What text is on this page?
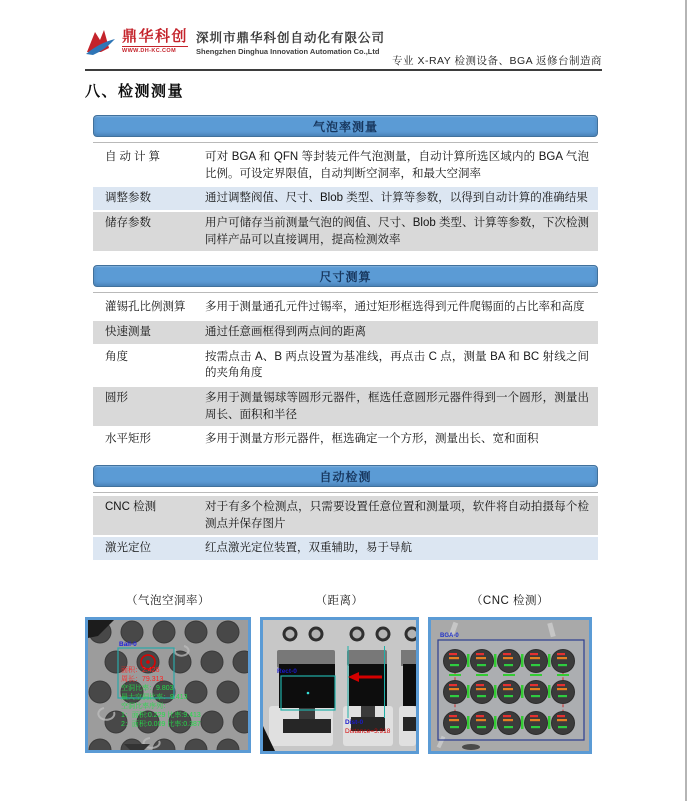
鼎华科创
WWW.DH-KC.COM
深圳市鼎华科创自动化有限公司
Shengzhen Dinghua Innovation Automation Co.,Ltd
专业 X-RAY 检测设备、BGA 返修台制造商
八、检测测量
气泡率测量
自动计算	可对 BGA 和 QFN 等封装元件气泡测量，自动计算所选区域内的 BGA 气泡比例。可设定界限值，自动判断空洞率，和最大空洞率
调整参数	通过调整阀值、尺寸、Blob 类型、计算等参数，以得到自动计算的准确结果
储存参数	用户可储存当前测量气泡的阀值、尺寸、Blob 类型、计算等参数，下次检测同样产品可以直接调用，提高检测效率
尺寸测算
灌锡孔比例测算	多用于测量通孔元件过锡率，通过矩形框选得到元件爬锡面的占比率和高度
快速测量	通过任意画框得到两点间的距离
角度	按需点击 A、B 两点设置为基准线，再点击 C 点，测量 BA 和 BC 射线之间的夹角角度
圆形	多用于测量锡球等圆形元器件，框选任意圆形元器件得到一个圆形，测量出周长、面积和半径
水平矩形	多用于测量方形元器件，框选确定一个方形，测量出长、宽和面积
自动检测
CNC 检测	对于有多个检测点，只需要设置任意位置和测量项，软件将自动拍摄每个检测点并保存图片
激光定位	红点激光定位装置，双重辅助，易于导航
（气泡空洞率）
Ball-0
面积：2.426
周长：79.313
空洞比率：9.803
最大空洞比率：9.413
空洞比率序列：
1：面积:0.229 比率:9.413
2：面积:0.009 比率:0.387
（距离）
Rect-0
Dist-0
Distance=3.918
（CNC 检测）
BGA-0
